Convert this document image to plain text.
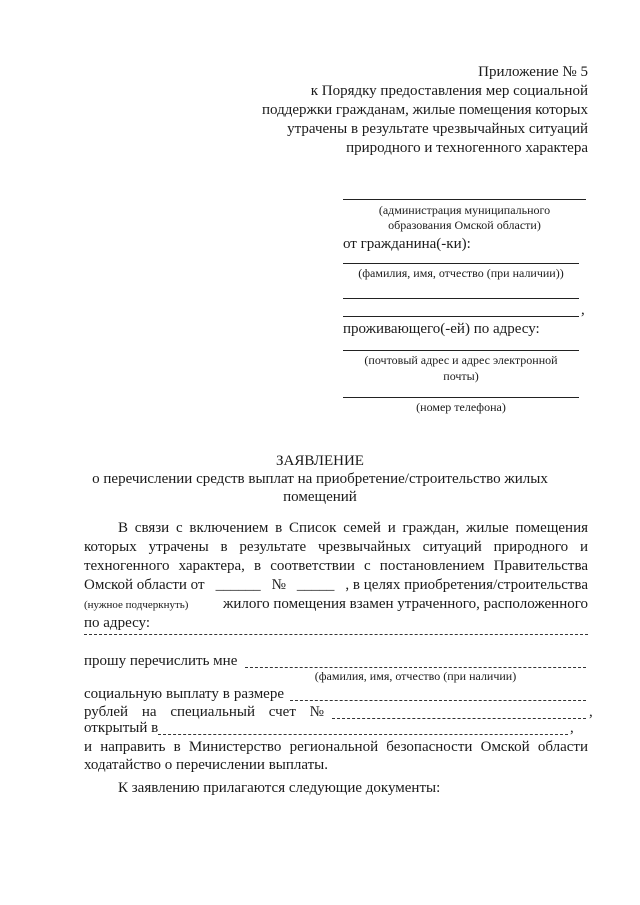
Приложение № 5
к Порядку предоставления мер социальной
поддержки гражданам, жилые помещения которых
утрачены в результате чрезвычайных ситуаций
природного и техногенного характера
(администрация муниципального
образования Омской области)
от гражданина(-ки):
(фамилия, имя, отчество (при наличии))
,
проживающего(-ей) по адресу:
(почтовый адрес и адрес электронной
почты)
(номер телефона)
ЗАЯВЛЕНИЕ
о перечислении средств выплат на приобретение/строительство жилых
помещений
В связи с включением в Список семей и граждан, жилые помещения
которых утрачены в результате чрезвычайных ситуаций природного и
техногенного характера, в соответствии с постановлением Правительства
Омской области от ______ № _____ , в целях приобретения/строительства
(нужное подчеркнуть) жилого помещения взамен утраченного, расположенного
по адресу:
прошу перечислить мне
(фамилия, имя, отчество (при наличии)
социальную выплату в размере
рублей на специальный счет №	,
открытый в	,
и направить в Министерство региональной безопасности Омской области
ходатайство о перечислении выплаты.
К заявлению прилагаются следующие документы:
